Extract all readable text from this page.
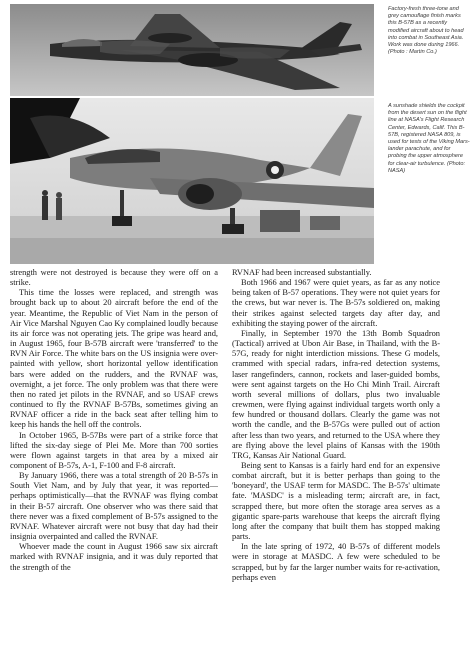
Factory-fresh three-tone and grey camouflage finish marks this B-57B as a recently modified aircraft about to head into combat in Southeast Asia. Work was done during 1966. (Photo : Martin Co.)
A sunshade shields the cockpit from the desert sun on the flight line at NASA's Flight Research Center, Edwards, Calif. This B-57B, registered NASA 809, is used for tests of the Viking Mars-lander parachute, and for probing the upper atmosphere for clear-air turbulence. (Photo: NASA)

strength were not destroyed is because they were off on a strike.

This time the losses were replaced, and strength was brought back up to about 20 aircraft before the end of the year. Meantime, the Republic of Viet Nam in the person of Air Vice Marshal Nguyen Cao Ky complained loudly because its air force was not operating jets. The gripe was heard and, in August 1965, four B-57B aircraft were 'transferred' to the RVN Air Force. The white bars on the US insignia were over-painted with yellow, short horizontal yellow identification bars were added on the rudders, and the RVNAF was, overnight, a jet force. The only problem was that there were then no rated jet pilots in the RVNAF, and so USAF crews continued to fly the RVNAF B-57Bs, sometimes giving an RVNAF officer a ride in the back seat after telling him to keep his hands the hell off the controls.

In October 1965, B-57Bs were part of a strike force that lifted the six-day siege of Plei Me. More than 700 sorties were flown against targets in that area by a mixed air component of B-57s, A-1, F-100 and F-8 aircraft.

By January 1966, there was a total strength of 20 B-57s in South Viet Nam, and by July that year, it was reported—perhaps optimistically—that the RVNAF was flying combat in their B-57 aircraft. One observer who was there said that there never was a fixed complement of B-57s assigned to the RVNAF. Whatever aircraft were not busy that day had their insignia overpainted and called the RVNAF.

Whoever made the count in August 1966 saw six aircraft marked with RVNAF insignia, and it was duly reported that the strength of the

RVNAF had been increased substantially.

Both 1966 and 1967 were quiet years, as far as any notice being taken of B-57 operations. They were not quiet years for the crews, but war never is. The B-57s soldiered on, making their strikes against selected targets day after day, and exhibiting the staying power of the aircraft.

Finally, in September 1970 the 13th Bomb Squadron (Tactical) arrived at Ubon Air Base, in Thailand, with the B-57G, ready for night interdiction missions. These G models, crammed with special radars, infra-red detection systems, laser rangefinders, cannon, rockets and laser-guided bombs, were sent against targets on the Ho Chi Minh Trail. Aircraft worth several millions of dollars, plus two invaluable crewmen, were flying against individual targets worth only a few hundred or thousand dollars. Clearly the game was not worth the candle, and the B-57Gs were pulled out of action after less than two years, and returned to the USA where they are flying above the level plains of Kansas with the 190th TRG, Kansas Air National Guard.

Being sent to Kansas is a fairly hard end for an expensive combat aircraft, but it is better perhaps than going to the 'boneyard', the USAF term for MASDC. The B-57s' ultimate fate. 'MASDC' is a misleading term; aircraft are, in fact, scrapped there, but more often the storage area serves as a gigantic spare-parts warehouse that keeps the aircraft flying long after the company that built them has stopped making parts.

In the late spring of 1972, 40 B-57s of different models were in storage at MASDC. A few were scheduled to be scrapped, but by far the larger number waits for re-activation, perhaps even
